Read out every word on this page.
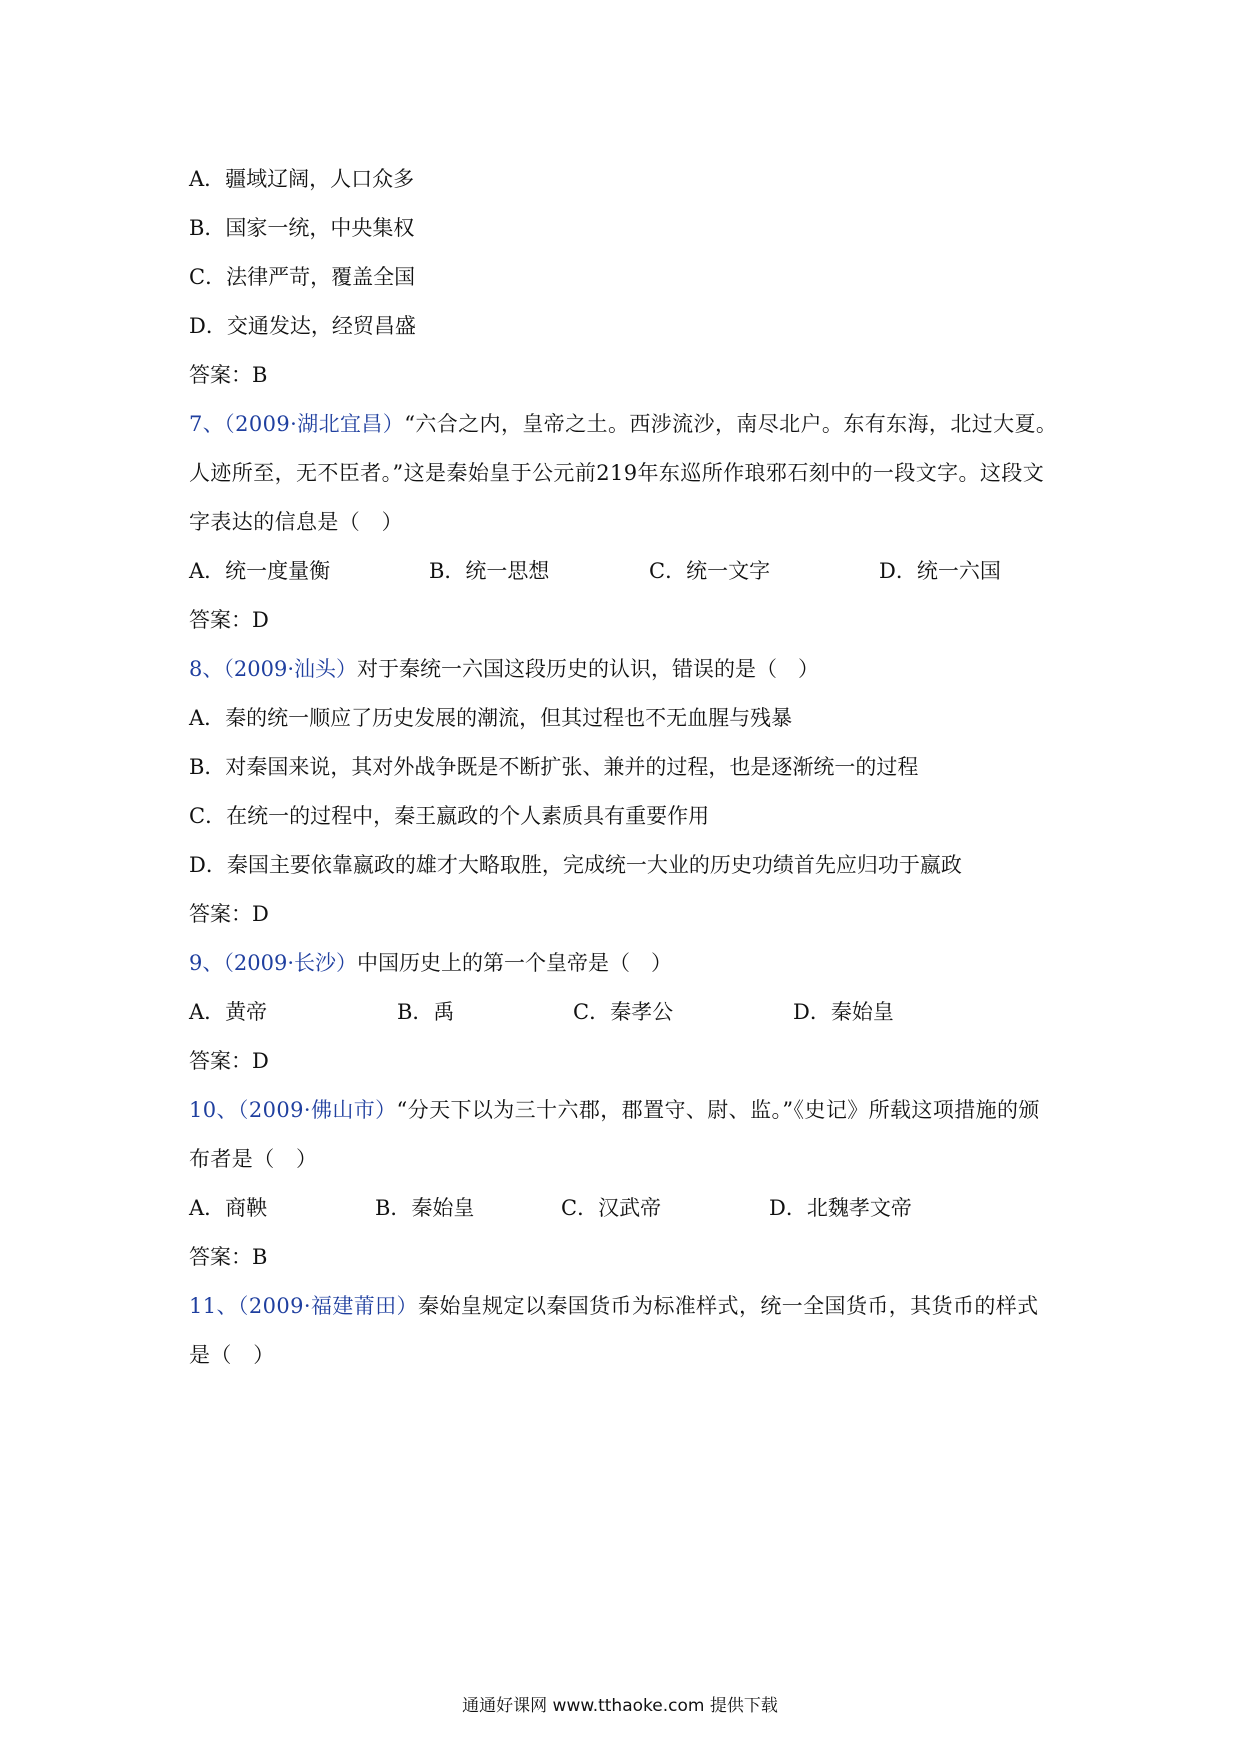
A．疆域辽阔，人口众多
B．国家一统，中央集权
C．法律严苛，覆盖全国
D．交通发达，经贸昌盛
答案：B
7、（2009·湖北宜昌）“六合之内，皇帝之土。西涉流沙，南尽北户。东有东海，北过大夏。人迹所至，无不臣者。”这是秦始皇于公元前219年东巡所作琅邪石刻中的一段文字。这段文字表达的信息是（　）
A．统一度量衡	B．统一思想	C．统一文字	D．统一六国
答案：D
8、（2009·汕头）对于秦统一六国这段历史的认识，错误的是（　）
A．秦的统一顺应了历史发展的潮流，但其过程也不无血腥与残暴
B．对秦国来说，其对外战争既是不断扩张、兼并的过程，也是逐渐统一的过程
C．在统一的过程中，秦王嬴政的个人素质具有重要作用
D．秦国主要依靠嬴政的雄才大略取胜，完成统一大业的历史功绩首先应归功于嬴政
答案：D
9、（2009·长沙）中国历史上的第一个皇帝是（　）
A．黄帝	B．禹	C．秦孝公	D．秦始皇
答案：D
10、（2009·佛山市）“分天下以为三十六郡，郡置守、尉、监。”《史记》所载这项措施的颁布者是（　）
A．商鞅	B．秦始皇	C．汉武帝	D．北魏孝文帝
答案：B
11、（2009·福建莆田）秦始皇规定以秦国货币为标准样式，统一全国货币，其货币的样式是（　）
通通好课网 www.tthaoke.com 提供下载
